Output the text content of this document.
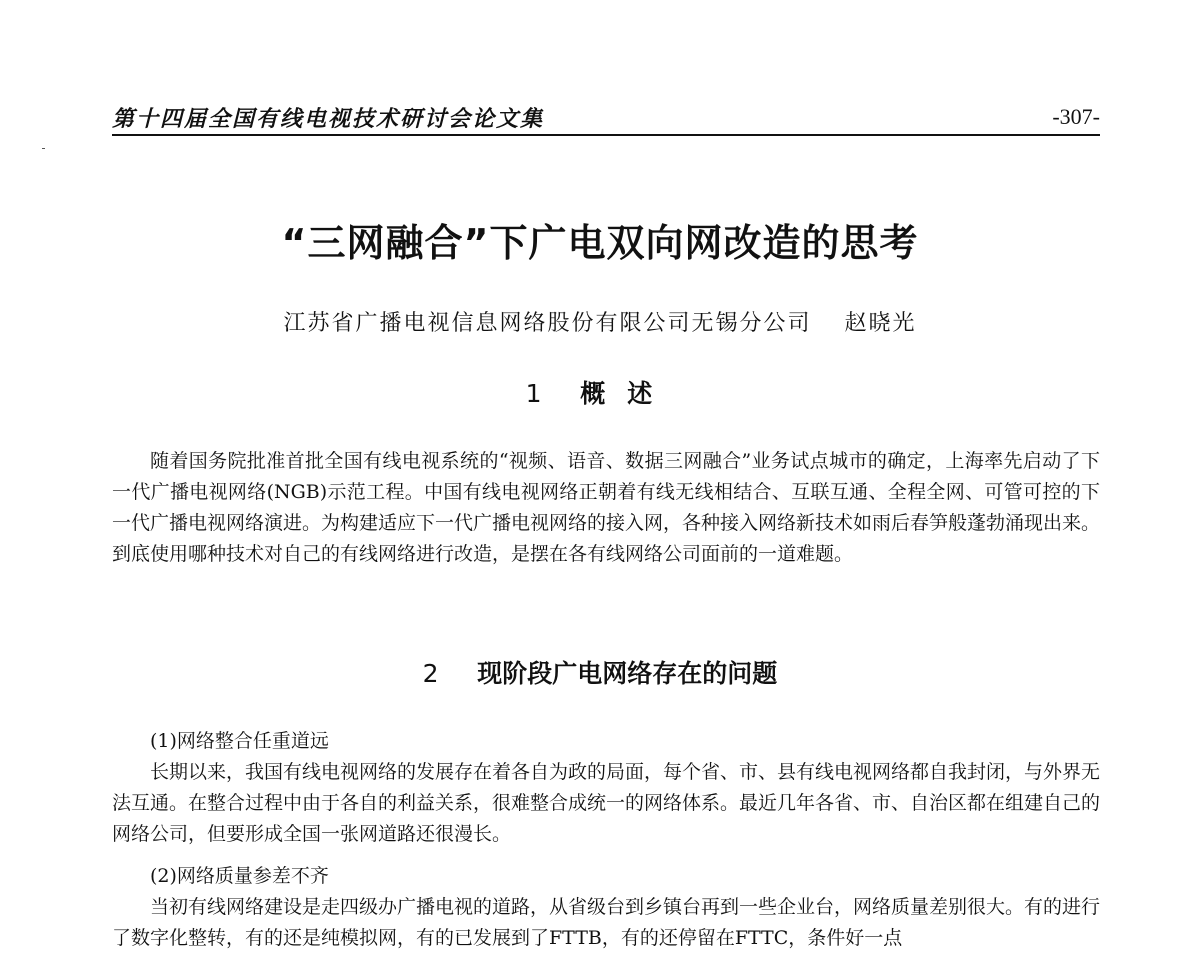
第十四届全国有线电视技术研讨会论文集	-307-
“三网融合”下广电双向网改造的思考
江苏省广播电视信息网络股份有限公司无锡分公司 赵晓光
1 概述

随着国务院批准首批全国有线电视系统的“视频、语音、数据三网融合”业务试点城市的确定，上海率先启动了下一代广播电视网络(NGB)示范工程。中国有线电视网络正朝着有线无线相结合、互联互通、全程全网、可管可控的下一代广播电视网络演进。为构建适应下一代广播电视网络的接入网，各种接入网络新技术如雨后春笋般蓬勃涌现出来。到底使用哪种技术对自己的有线网络进行改造，是摆在各有线网络公司面前的一道难题。

2 现阶段广电网络存在的问题

(1)网络整合任重道远

长期以来，我国有线电视网络的发展存在着各自为政的局面，每个省、市、县有线电视网络都自我封闭，与外界无法互通。在整合过程中由于各自的利益关系，很难整合成统一的网络体系。最近几年各省、市、自治区都在组建自己的网络公司，但要形成全国一张网道路还很漫长。

(2)网络质量参差不齐

当初有线网络建设是走四级办广播电视的道路，从省级台到乡镇台再到一些企业台，网络质量差别很大。有的进行了数字化整转，有的还是纯模拟网，有的已发展到了FTTB，有的还停留在FTTC，条件好一点
